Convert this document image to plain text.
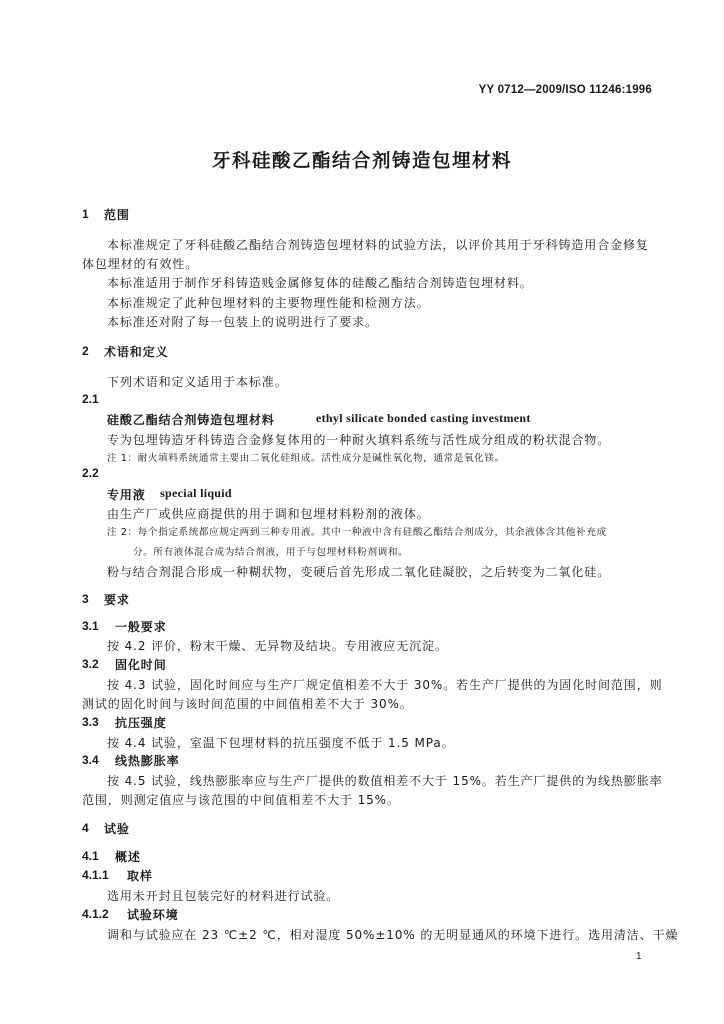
YY 0712—2009/ISO 11246:1996
牙科硅酸乙酯结合剂铸造包埋材料
1 范围
本标准规定了牙科硅酸乙酯结合剂铸造包埋材料的试验方法，以评价其用于牙科铸造用合金修复
体包埋材的有效性。
本标准适用于制作牙科铸造贱金属修复体的硅酸乙酯结合剂铸造包埋材料。
本标准规定了此种包埋材料的主要物理性能和检测方法。
本标准还对附了每一包装上的说明进行了要求。
2 术语和定义
下列术语和定义适用于本标准。
2.1
硅酸乙酯结合剂铸造包埋材料	ethyl silicate bonded casting investment
专为包埋铸造牙科铸造合金修复体用的一种耐火填料系统与活性成分组成的粉状混合物。
注 1：耐火填料系统通常主要由二氧化硅组成。活性成分是碱性氧化物，通常是氧化镁。
2.2
专用液 special liquid
由生产厂或供应商提供的用于调和包埋材料粉剂的液体。
注 2：每个指定系统都应规定两到三种专用液。其中一种液中含有硅酸乙酯结合剂成分，其余液体含其他补充成
分。所有液体混合成为结合剂液，用于与包埋材料粉剂调和。
粉与结合剂混合形成一种糊状物，变硬后首先形成二氧化硅凝胶，之后转变为二氧化硅。
3 要求
3.1 一般要求
按 4.2 评价，粉末干燥、无异物及结块。专用液应无沉淀。
3.2 固化时间
按 4.3 试验，固化时间应与生产厂规定值相差不大于 30%。若生产厂提供的为固化时间范围，则
测试的固化时间与该时间范围的中间值相差不大于 30%。
3.3 抗压强度
按 4.4 试验，室温下包埋材料的抗压强度不低于 1.5 MPa。
3.4 线热膨胀率
按 4.5 试验，线热膨胀率应与生产厂提供的数值相差不大于 15%。若生产厂提供的为线热膨胀率
范围，则测定值应与该范围的中间值相差不大于 15%。
4 试验
4.1 概述
4.1.1 取样
选用未开封且包装完好的材料进行试验。
4.1.2 试验环境
调和与试验应在 23 ℃±2 ℃，相对湿度 50%±10% 的无明显通风的环境下进行。选用清洁、干燥
1
